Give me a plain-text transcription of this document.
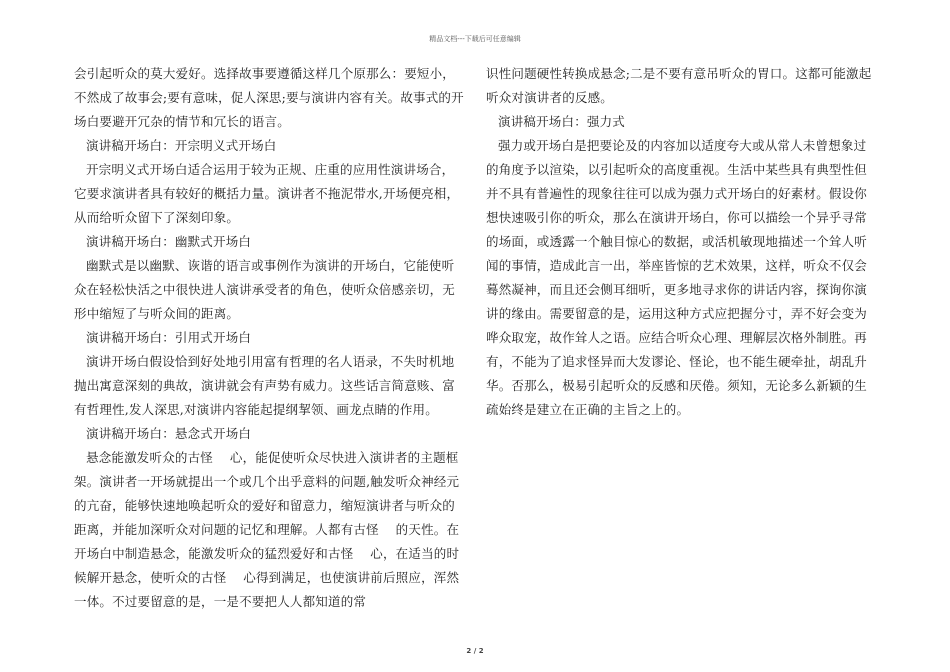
精品文档---下载后可任意编辑

会引起听众的莫大爱好。选择故事要遵循这样几个原那么：要短小，不然成了故事会;要有意味，促人深思;要与演讲内容有关。故事式的开场白要避开冗杂的情节和冗长的语言。

演讲稿开场白：开宗明义式开场白

开宗明义式开场白适合运用于较为正规、庄重的应用性演讲场合，它要求演讲者具有较好的概括力量。演讲者不拖泥带水,开场便亮相，从而给听众留下了深刻印象。

演讲稿开场白：幽默式开场白

幽默式是以幽默、诙谐的语言或事例作为演讲的开场白，它能使听众在轻松快活之中很快进人演讲承受者的角色，使听众倍感亲切，无形中缩短了与听众间的距离。

演讲稿开场白：引用式开场白

演讲开场白假设恰到好处地引用富有哲理的名人语录，不失时机地抛出寓意深刻的典故，演讲就会有声势有威力。这些话言简意赅、富有哲理性,发人深思,对演讲内容能起提纲挈领、画龙点睛的作用。

演讲稿开场白：悬念式开场白

悬念能激发听众的古怪　 心，能促使听众尽快进入演讲者的主题框架。演讲者一开场就提出一个或几个出乎意料的问题,触发听众神经元的亢奋，能够快速地唤起听众的爱好和留意力，缩短演讲者与听众的距离，并能加深听众对问题的记忆和理解。人都有古怪　 的天性。在开场白中制造悬念，能激发听众的猛烈爱好和古怪　 心，在适当的时候解开悬念，使听众的古怪　 心得到满足，也使演讲前后照应，浑然一体。不过要留意的是，一是不要把人人都知道的常

识性问题硬性转换成悬念;二是不要有意吊听众的胃口。这都可能激起听众对演讲者的反感。

演讲稿开场白：强力式

强力或开场白是把要论及的内容加以适度夸大或从常人未曾想象过的角度予以渲染，以引起听众的高度重视。生活中某些具有典型性但并不具有普遍性的现象往往可以成为强力式开场白的好素材。假设你想快速吸引你的听众，那么在演讲开场白，你可以描绘一个异乎寻常的场面，或透露一个触目惊心的数据，或活机敏现地描述一个耸人听闻的事情，造成此言一出，举座皆惊的艺术效果，这样，听众不仅会蓦然凝神，而且还会侧耳细听，更多地寻求你的讲话内容，探询你演讲的缘由。需要留意的是，运用这种方式应把握分寸，弄不好会变为哗众取宠，故作耸人之语。应结合听众心理、理解层次格外制胜。再有，不能为了追求怪异而大发谬论、怪论，也不能生硬牵扯，胡乱升华。否那么，极易引起听众的反感和厌倦。须知，无论多么新颖的生疏始终是建立在正确的主旨之上的。

2 / 2
